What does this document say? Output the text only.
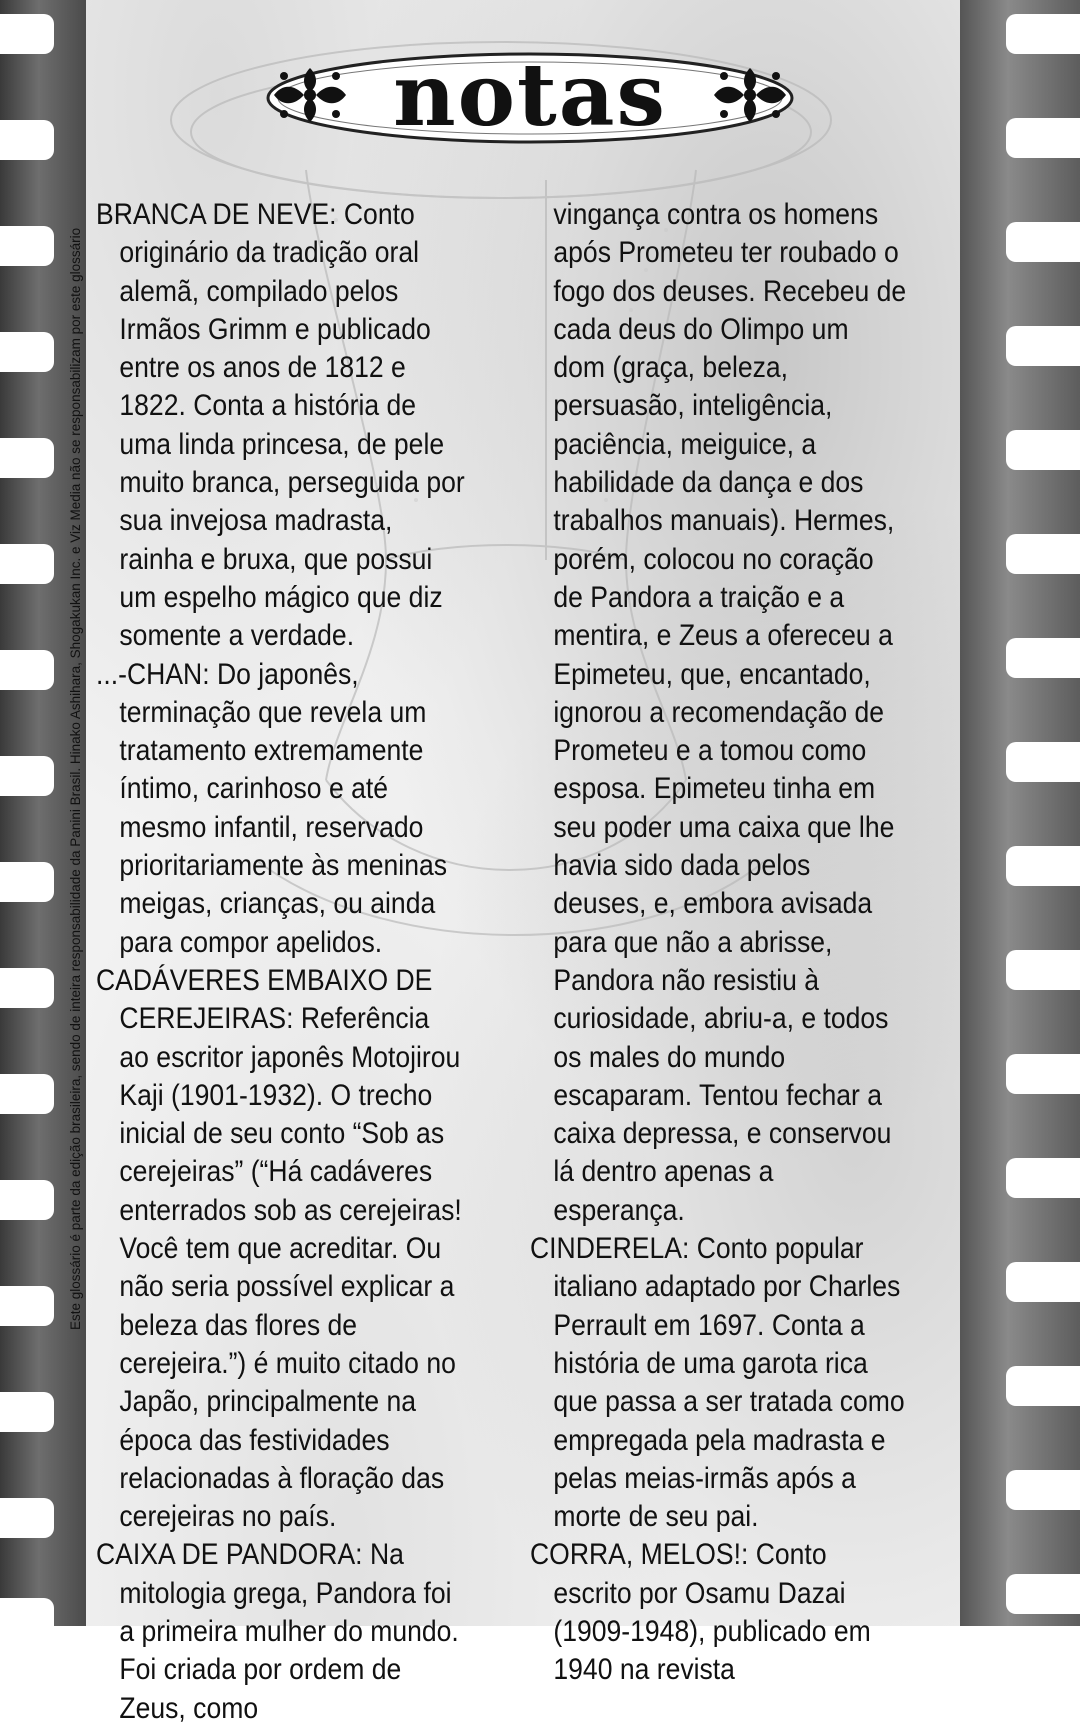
Este glossário é parte da edição brasileira, sendo de inteira responsabilidade da Panini Brasil. Hinako Ashihara, Shogakukan Inc. e Viz Media não se responsabilizam por este glossário
notas

BRANCA DE NEVE: Conto originário da tradição oral alemã, compilado pelos Irmãos Grimm e publicado entre os anos de 1812 e 1822. Conta a história de uma linda princesa, de pele muito branca, perseguida por sua invejosa madrasta, rainha e bruxa, que possui um espelho mágico que diz somente a verdade.

...-CHAN: Do japonês, terminação que revela um tratamento extremamente íntimo, carinhoso e até mesmo infantil, reservado prioritariamente às meninas meigas, crianças, ou ainda para compor apelidos.

CADÁVERES EMBAIXO DE CEREJEIRAS: Referência ao escritor japonês Motojirou Kaji (1901-1932). O trecho inicial de seu conto “Sob as cerejeiras” (“Há cadáveres enterrados sob as cerejeiras! Você tem que acreditar. Ou não seria possível explicar a beleza das flores de cerejeira.”) é muito citado no Japão, principalmente na época das festividades relacionadas à floração das cerejeiras no país.

CAIXA DE PANDORA: Na mitologia grega, Pandora foi a primeira mulher do mundo. Foi criada por ordem de Zeus, como

vingança contra os homens após Prometeu ter roubado o fogo dos deuses. Recebeu de cada deus do Olimpo um dom (graça, beleza, persuasão, inteligência, paciência, meiguice, a habilidade da dança e dos trabalhos manuais). Hermes, porém, colocou no coração de Pandora a traição e a mentira, e Zeus a ofereceu a Epimeteu, que, encantado, ignorou a recomendação de Prometeu e a tomou como esposa. Epimeteu tinha em seu poder uma caixa que lhe havia sido dada pelos deuses, e, embora avisada para que não a abrisse, Pandora não resistiu à curiosidade, abriu-a, e todos os males do mundo escaparam. Tentou fechar a caixa depressa, e conservou lá dentro apenas a esperança.

CINDERELA: Conto popular italiano adaptado por Charles Perrault em 1697. Conta a história de uma garota rica que passa a ser tratada como empregada pela madrasta e pelas meias-irmãs após a morte de seu pai.

CORRA, MELOS!: Conto escrito por Osamu Dazai (1909-1948), publicado em 1940 na revista
